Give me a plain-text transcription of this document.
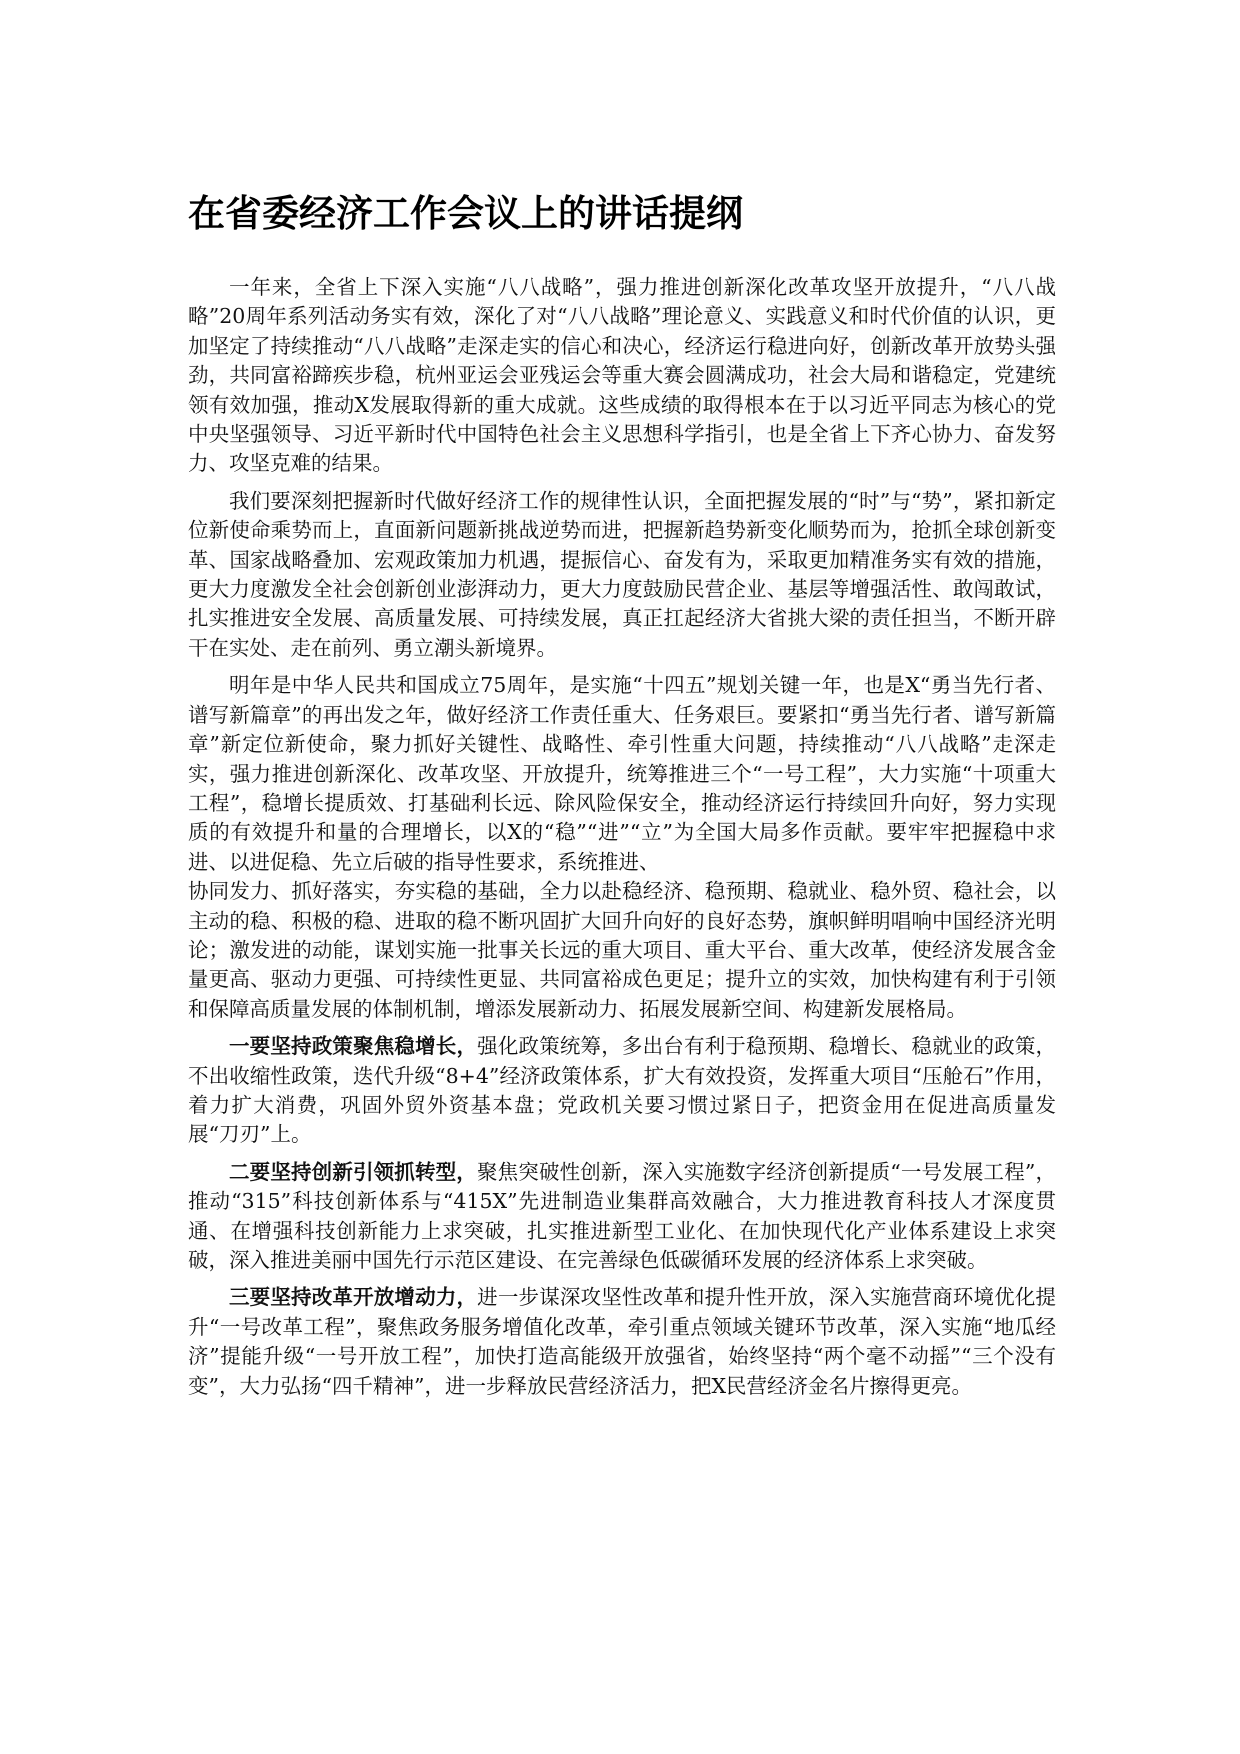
在省委经济工作会议上的讲话提纲

一年来，全省上下深入实施“八八战略”，强力推进创新深化改革攻坚开放提升，“八八战略”20周年系列活动务实有效，深化了对“八八战略”理论意义、实践意义和时代价值的认识，更加坚定了持续推动“八八战略”走深走实的信心和决心，经济运行稳进向好，创新改革开放势头强劲，共同富裕蹄疾步稳，杭州亚运会亚残运会等重大赛会圆满成功，社会大局和谐稳定，党建统领有效加强，推动X发展取得新的重大成就。这些成绩的取得根本在于以习近平同志为核心的党中央坚强领导、习近平新时代中国特色社会主义思想科学指引，也是全省上下齐心协力、奋发努力、攻坚克难的结果。

我们要深刻把握新时代做好经济工作的规律性认识，全面把握发展的“时”与“势”，紧扣新定位新使命乘势而上，直面新问题新挑战逆势而进，把握新趋势新变化顺势而为，抢抓全球创新变革、国家战略叠加、宏观政策加力机遇，提振信心、奋发有为，采取更加精准务实有效的措施，更大力度激发全社会创新创业澎湃动力，更大力度鼓励民营企业、基层等增强活性、敢闯敢试，扎实推进安全发展、高质量发展、可持续发展，真正扛起经济大省挑大梁的责任担当，不断开辟干在实处、走在前列、勇立潮头新境界。

明年是中华人民共和国成立75周年，是实施“十四五”规划关键一年，也是X“勇当先行者、谱写新篇章”的再出发之年，做好经济工作责任重大、任务艰巨。要紧扣“勇当先行者、谱写新篇章”新定位新使命，聚力抓好关键性、战略性、牵引性重大问题，持续推动“八八战略”走深走实，强力推进创新深化、改革攻坚、开放提升，统筹推进三个“一号工程”，大力实施“十项重大工程”，稳增长提质效、打基础利长远、除风险保安全，推动经济运行持续回升向好，努力实现质的有效提升和量的合理增长，以X的“稳”“进”“立”为全国大局多作贡献。要牢牢把握稳中求进、以进促稳、先立后破的指导性要求，系统推进、

协同发力、抓好落实，夯实稳的基础，全力以赴稳经济、稳预期、稳就业、稳外贸、稳社会，以主动的稳、积极的稳、进取的稳不断巩固扩大回升向好的良好态势，旗帜鲜明唱响中国经济光明论；激发进的动能，谋划实施一批事关长远的重大项目、重大平台、重大改革，使经济发展含金量更高、驱动力更强、可持续性更显、共同富裕成色更足；提升立的实效，加快构建有利于引领和保障高质量发展的体制机制，增添发展新动力、拓展发展新空间、构建新发展格局。

一要坚持政策聚焦稳增长，强化政策统筹，多出台有利于稳预期、稳增长、稳就业的政策，不出收缩性政策，迭代升级“8+4”经济政策体系，扩大有效投资，发挥重大项目“压舱石”作用，着力扩大消费，巩固外贸外资基本盘；党政机关要习惯过紧日子，把资金用在促进高质量发展“刀刃”上。

二要坚持创新引领抓转型，聚焦突破性创新，深入实施数字经济创新提质“一号发展工程”，推动“315”科技创新体系与“415X”先进制造业集群高效融合，大力推进教育科技人才深度贯通、在增强科技创新能力上求突破，扎实推进新型工业化、在加快现代化产业体系建设上求突破，深入推进美丽中国先行示范区建设、在完善绿色低碳循环发展的经济体系上求突破。

三要坚持改革开放增动力，进一步谋深攻坚性改革和提升性开放，深入实施营商环境优化提升“一号改革工程”，聚焦政务服务增值化改革，牵引重点领域关键环节改革，深入实施“地瓜经济”提能升级“一号开放工程”，加快打造高能级开放强省，始终坚持“两个毫不动摇”“三个没有变”，大力弘扬“四千精神”，进一步释放民营经济活力，把X民营经济金名片擦得更亮。
